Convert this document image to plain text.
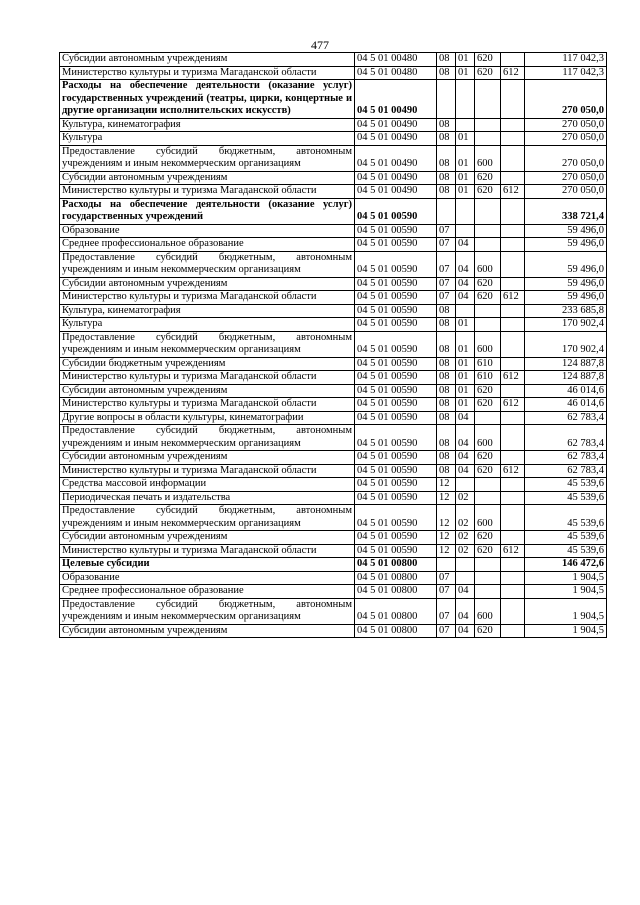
477
Субсидии автономным учреждениям	04 5 01 00480	08	01	620		117 042,3
Министерство культуры и туризма Магаданской области	04 5 01 00480	08	01	620	612	117 042,3
Расходы на обеспечение деятельности (оказание услуг) государственных учреждений (театры, цирки, концертные и другие организации исполнительских искусств)	04 5 01 00490					270 050,0
Культура, кинематография	04 5 01 00490	08				270 050,0
Культура	04 5 01 00490	08	01			270 050,0
Предоставление субсидий бюджетным, автономным учреждениям и иным некоммерческим организациям	04 5 01 00490	08	01	600		270 050,0
Субсидии автономным учреждениям	04 5 01 00490	08	01	620		270 050,0
Министерство культуры и туризма Магаданской области	04 5 01 00490	08	01	620	612	270 050,0
Расходы на обеспечение деятельности (оказание услуг) государственных учреждений	04 5 01 00590					338 721,4
Образование	04 5 01 00590	07				59 496,0
Среднее профессиональное образование	04 5 01 00590	07	04			59 496,0
Предоставление субсидий бюджетным, автономным учреждениям и иным некоммерческим организациям	04 5 01 00590	07	04	600		59 496,0
Субсидии автономным учреждениям	04 5 01 00590	07	04	620		59 496,0
Министерство культуры и туризма Магаданской области	04 5 01 00590	07	04	620	612	59 496,0
Культура, кинематография	04 5 01 00590	08				233 685,8
Культура	04 5 01 00590	08	01			170 902,4
Предоставление субсидий бюджетным, автономным учреждениям и иным некоммерческим организациям	04 5 01 00590	08	01	600		170 902,4
Субсидии бюджетным учреждениям	04 5 01 00590	08	01	610		124 887,8
Министерство культуры и туризма Магаданской области	04 5 01 00590	08	01	610	612	124 887,8
Субсидии автономным учреждениям	04 5 01 00590	08	01	620		46 014,6
Министерство культуры и туризма Магаданской области	04 5 01 00590	08	01	620	612	46 014,6
Другие вопросы в области культуры, кинематографии	04 5 01 00590	08	04			62 783,4
Предоставление субсидий бюджетным, автономным учреждениям и иным некоммерческим организациям	04 5 01 00590	08	04	600		62 783,4
Субсидии автономным учреждениям	04 5 01 00590	08	04	620		62 783,4
Министерство культуры и туризма Магаданской области	04 5 01 00590	08	04	620	612	62 783,4
Средства массовой информации	04 5 01 00590	12				45 539,6
Периодическая печать и издательства	04 5 01 00590	12	02			45 539,6
Предоставление субсидий бюджетным, автономным учреждениям и иным некоммерческим организациям	04 5 01 00590	12	02	600		45 539,6
Субсидии автономным учреждениям	04 5 01 00590	12	02	620		45 539,6
Министерство культуры и туризма Магаданской области	04 5 01 00590	12	02	620	612	45 539,6
Целевые субсидии	04 5 01 00800					146 472,6
Образование	04 5 01 00800	07				1 904,5
Среднее профессиональное образование	04 5 01 00800	07	04			1 904,5
Предоставление субсидий бюджетным, автономным учреждениям и иным некоммерческим организациям	04 5 01 00800	07	04	600		1 904,5
Субсидии автономным учреждениям	04 5 01 00800	07	04	620		1 904,5
